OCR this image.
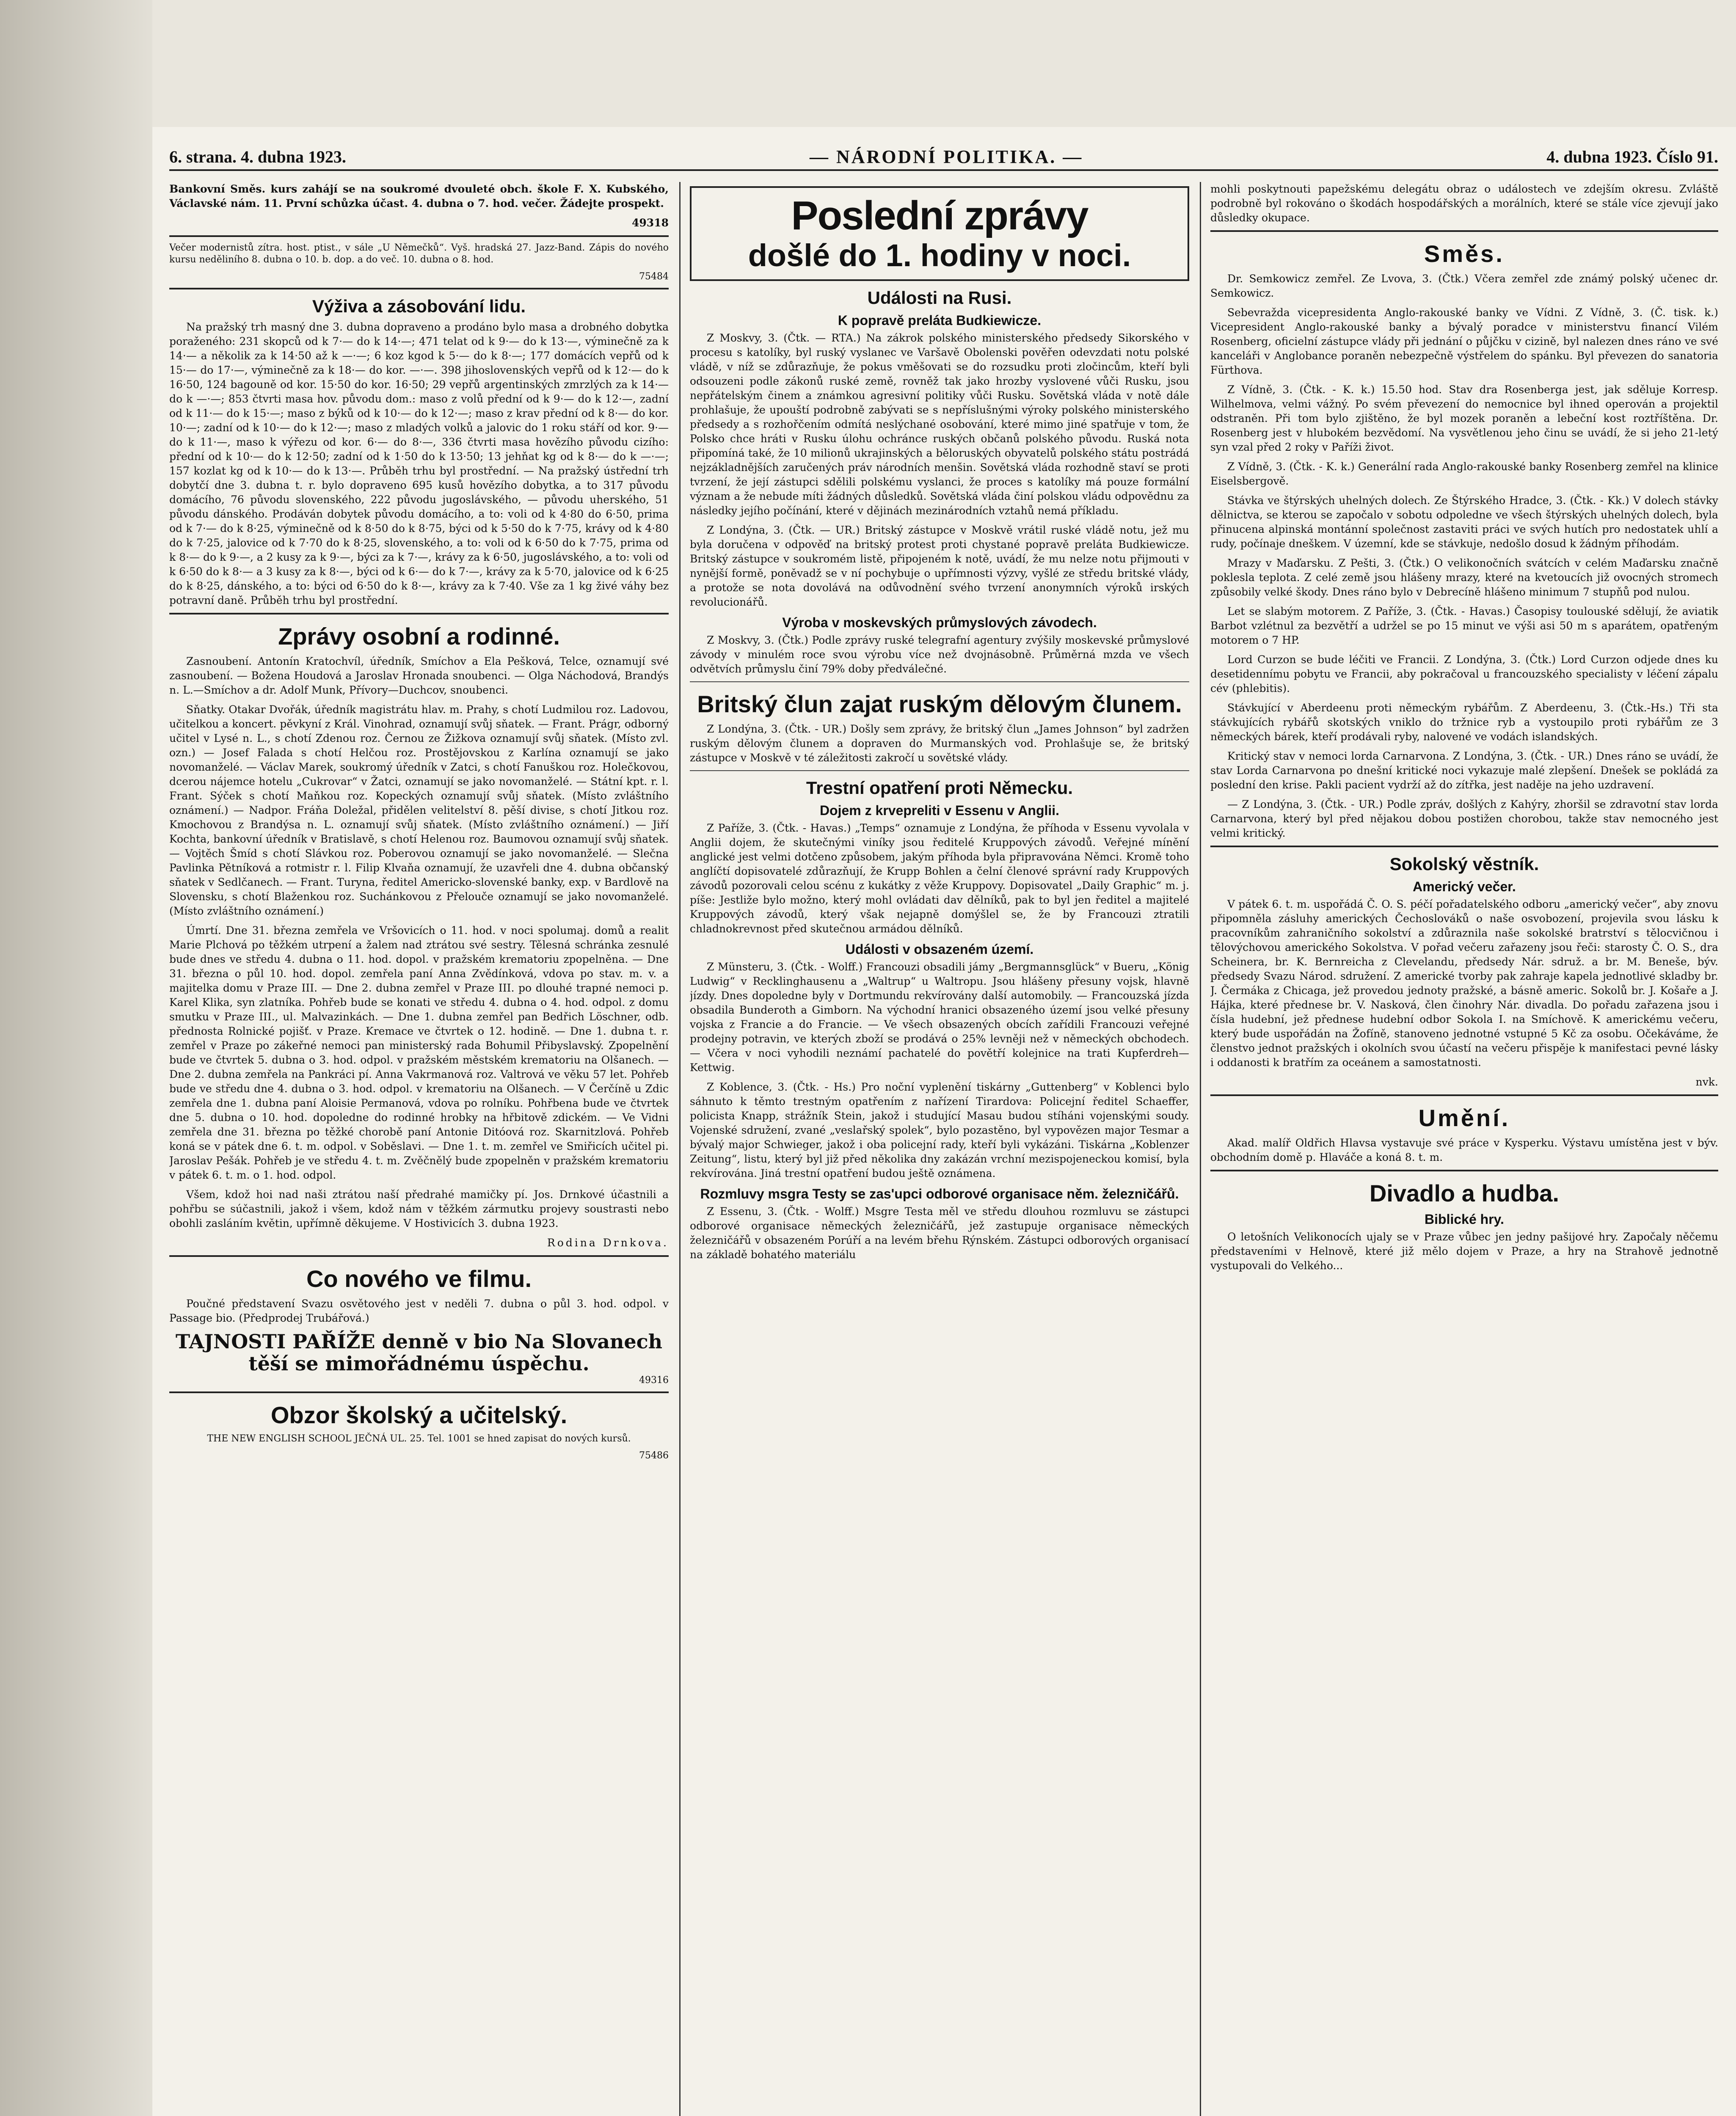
6. strana. 4. dubna 1923.	— NÁRODNÍ POLITIKA. —	4. dubna 1923. Číslo 91.

Bankovní Směs. kurs zahájí se na soukromé dvouleté obch. škole F. X. Kubského, Václavské nám. 11. První schůzka účast. 4. dubna o 7. hod. večer. Žádejte prospekt.

49318

Večer modernistů zítra. host. ptist., v sále „U Němečků“. Vyš. hradská 27. Jazz-Band. Zápis do nového kursu neděliního 8. dubna o 10. b. dop. a do več. 10. dubna o 8. hod.

75484
Výživa a zásobování lidu.

Na pražský trh masný dne 3. dubna dopraveno a prodáno bylo masa a drobného dobytka poraženého: 231 skopců od k 7·— do k 14·—; 471 telat od k 9·— do k 13·—, výminečně za k 14·— a několik za k 14·50 až k —·—; 6 koz kgod k 5·— do k 8·—; 177 domácích vepřů od k 15·— do 17·—, výminečně za k 18·— do kor. —·—. 398 jihoslovenských vepřů od k 12·— do k 16·50, 124 bagouně od kor. 15·50 do kor. 16·50; 29 vepřů argentinských zmrzlých za k 14·— do k —·—; 853 čtvrti masa hov. původu dom.: maso z volů přední od k 9·— do k 12·—, zadní od k 11·— do k 15·—; maso z býků od k 10·— do k 12·—; maso z krav přední od k 8·— do kor. 10·—; zadní od k 10·— do k 12·—; maso z mladých volků a jalovic do 1 roku stáří od kor. 9·— do k 11·—, maso k výřezu od kor. 6·— do 8·—, 336 čtvrti masa hovězího původu cizího: přední od k 10·— do k 12·50; zadní od k 1·50 do k 13·50; 13 jehňat kg od k 8·— do k —·—; 157 kozlat kg od k 10·— do k 13·—. Průběh trhu byl prostřední. — Na pražský ústřední trh dobytčí dne 3. dubna t. r. bylo dopraveno 695 kusů hovězího dobytka, a to 317 původu domácího, 76 původu slovenského, 222 původu jugoslávského, — původu uherského, 51 původu dánského. Prodáván dobytek původu domácího, a to: voli od k 4·80 do 6·50, prima od k 7·— do k 8·25, výminečně od k 8·50 do k 8·75, býci od k 5·50 do k 7·75, krávy od k 4·80 do k 7·25, jalovice od k 7·70 do k 8·25, slovenského, a to: voli od k 6·50 do k 7·75, prima od k 8·— do k 9·—, a 2 kusy za k 9·—, býci za k 7·—, krávy za k 6·50, jugoslávského, a to: voli od k 6·50 do k 8·— a 3 kusy za k 8·—, býci od k 6·— do k 7·—, krávy za k 5·70, jalovice od k 6·25 do k 8·25, dánského, a to: býci od 6·50 do k 8·—, krávy za k 7·40. Vše za 1 kg živé váhy bez potravní daně. Průběh trhu byl prostřední.

Zprávy osobní a rodinné.

Zasnoubení. Antonín Kratochvíl, úředník, Smíchov a Ela Pešková, Telce, oznamují své zasnoubení. — Božena Houdová a Jaroslav Hronada snoubenci. — Olga Náchodová, Brandýs n. L.—Smíchov a dr. Adolf Munk, Přívory—Duchcov, snoubenci.

Sňatky. Otakar Dvořák, úředník magistrátu hlav. m. Prahy, s chotí Ludmilou roz. Ladovou, učitelkou a koncert. pěvkyní z Král. Vinohrad, oznamují svůj sňatek. — Frant. Prágr, odborný učitel v Lysé n. L., s chotí Zdenou roz. Černou ze Žižkova oznamují svůj sňatek. (Místo zvl. ozn.) — Josef Falada s chotí Helčou roz. Prostějovskou z Karlína oznamují se jako novomanželé. — Václav Marek, soukromý úředník v Zatci, s chotí Fanuškou roz. Holečkovou, dcerou nájemce hotelu „Cukrovar“ v Žatci, oznamují se jako novomanželé. — Státní kpt. r. l. Frant. Sýček s chotí Maňkou roz. Kopeckých oznamují svůj sňatek. (Místo zvláštního oznámení.) — Nadpor. Fráňa Doležal, přidělen velitelství 8. pěší divise, s chotí Jitkou roz. Kmochovou z Brandýsa n. L. oznamují svůj sňatek. (Místo zvláštního oznámení.) — Jiří Kochta, bankovní úředník v Bratislavě, s chotí Helenou roz. Baumovou oznamují svůj sňatek. — Vojtěch Šmíd s chotí Slávkou roz. Poberovou oznamují se jako novomanželé. — Slečna Pavlinka Pětníková a rotmistr r. l. Filip Klvaňa oznamují, že uzavřeli dne 4. dubna občanský sňatek v Sedlčanech. — Frant. Turyna, ředitel Americko-slovenské banky, exp. v Bardlově na Slovensku, s chotí Blaženkou roz. Suchánkovou z Přelouče oznamují se jako novomanželé. (Místo zvláštního oznámení.)

Úmrtí. Dne 31. března zemřela ve Vršovicích o 11. hod. v noci spolumaj. domů a realit Marie Plchová po těžkém utrpení a žalem nad ztrátou své sestry. Tělesná schránka zesnulé bude dnes ve středu 4. dubna o 11. hod. dopol. v pražském krematoriu zpopelněna. — Dne 31. března o půl 10. hod. dopol. zemřela paní Anna Zvědínková, vdova po stav. m. v. a majitelka domu v Praze III. — Dne 2. dubna zemřel v Praze III. po dlouhé trapné nemoci p. Karel Klika, syn zlatníka. Pohřeb bude se konati ve středu 4. dubna o 4. hod. odpol. z domu smutku v Praze III., ul. Malvazinkách. — Dne 1. dubna zemřel pan Bedřich Löschner, odb. přednosta Rolnické pojišť. v Praze. Kremace ve čtvrtek o 12. hodině. — Dne 1. dubna t. r. zemřel v Praze po zákeřné nemoci pan ministerský rada Bohumil Přibyslavský. Zpopelnění bude ve čtvrtek 5. dubna o 3. hod. odpol. v pražském městském krematoriu na Olšanech. — Dne 2. dubna zemřela na Pankráci pí. Anna Vakrmanová roz. Valtrová ve věku 57 let. Pohřeb bude ve středu dne 4. dubna o 3. hod. odpol. v krematoriu na Olšanech. — V Čerčíně u Zdic zemřela dne 1. dubna paní Aloisie Permanová, vdova po rolníku. Pohřbena bude ve čtvrtek dne 5. dubna o 10. hod. dopoledne do rodinné hrobky na hřbitově zdickém. — Ve Vidni zemřela dne 31. března po těžké chorobě paní Antonie Ditóová roz. Skarnitzlová. Pohřeb koná se v pátek dne 6. t. m. odpol. v Soběslavi. — Dne 1. t. m. zemřel ve Smiřicích učitel pi. Jaroslav Pešák. Pohřeb je ve středu 4. t. m. Zvěčnělý bude zpopelněn v pražském krematoriu v pátek 6. t. m. o 1. hod. odpol.

Všem, kdož hoi nad naši ztrátou naší předrahé mamičky pí. Jos. Drnkové účastnili a pohřbu se súčastnili, jakož i všem, kdož nám v těžkém zármutku projevy soustrasti nebo obohli zasláním květin, upřímně děkujeme. V Hostivicích 3. dubna 1923.

Rodina Drnkova.
Co nového ve filmu.

Poučné představení Svazu osvětového jest v neděli 7. dubna o půl 3. hod. odpol. v Passage bio. (Předprodej Trubářová.)

TAJNOSTI PAŘÍŽE denně v bio Na Slovanech těší se mimořádnému úspěchu.
49316
Obzor školský a učitelský.

THE NEW ENGLISH SCHOOL JEČNÁ UL. 25. Tel. 1001 se hned zapisat do nových kursů.

75486
Poslední zprávy
došlé do 1. hodiny v noci.
Události na Rusi.
K popravě preláta Budkiewicze.

Z Moskvy, 3. (Čtk. — RTA.) Na zákrok polského ministerského předsedy Sikorského v procesu s katolíky, byl ruský vyslanec ve Varšavě Obolenski pověřen odevzdati notu polské vládě, v níž se zdůrazňuje, že pokus vměšovati se do rozsudku proti zločincům, kteří byli odsouzeni podle zákonů ruské země, rovněž tak jako hrozby vyslovené vůči Rusku, jsou nepřátelským činem a známkou agresivní politiky vůči Rusku. Sovětská vláda v notě dále prohlašuje, že upouští podrobně zabývati se s nepříslušnými výroky polského ministerského předsedy a s rozhořčením odmítá neslýchané osobování, které mimo jiné spatřuje v tom, že Polsko chce hráti v Rusku úlohu ochránce ruských občanů polského původu. Ruská nota připomíná také, že 10 milionů ukrajinských a běloruských obyvatelů polského státu postrádá nejzákladnějších zaručených práv národních menšin. Sovětská vláda rozhodně staví se proti tvrzení, že její zástupci sdělili polskému vyslanci, že proces s katolíky má pouze formální význam a že nebude míti žádných důsledků. Sovětská vláda činí polskou vládu odpovědnu za následky jejího počínání, které v dějinách mezinárodních vztahů nemá příkladu.

Z Londýna, 3. (Čtk. — UR.) Britský zástupce v Moskvě vrátil ruské vládě notu, jež mu byla doručena v odpověď na britský protest proti chystané popravě preláta Budkiewicze. Britský zástupce v soukromém listě, připojeném k notě, uvádí, že mu nelze notu přijmouti v nynější formě, poněvadž se v ní pochybuje o upřímnosti výzvy, vyšlé ze středu britské vlády, a protože se nota dovolává na odůvodnění svého tvrzení anonymních výroků irských revolucionářů.

Výroba v moskevských průmyslových závodech.

Z Moskvy, 3. (Čtk.) Podle zprávy ruské telegrafní agentury zvýšily moskevské průmyslové závody v minulém roce svou výrobu více než dvojnásobně. Průměrná mzda ve všech odvětvích průmyslu činí 79% doby předválečné.

Britský člun zajat ruským dělovým člunem.

Z Londýna, 3. (Čtk. - UR.) Došly sem zprávy, že britský člun „James Johnson“ byl zadržen ruským dělovým člunem a dopraven do Murmanských vod. Prohlašuje se, že britský zástupce v Moskvě v té záležitosti zakročí u sovětské vlády.

Trestní opatření proti Německu.
Dojem z krvepreliti v Essenu v Anglii.

Z Paříže, 3. (Čtk. - Havas.) „Temps“ oznamuje z Londýna, že příhoda v Essenu vyvolala v Anglii dojem, že skutečnými viníky jsou ředitelé Kruppových závodů. Veřejné mínění anglické jest velmi dotčeno způsobem, jakým příhoda byla připravována Němci. Kromě toho anglíčtí dopisovatelé zdůrazňují, že Krupp Bohlen a čelní členové správní rady Kruppových závodů pozorovali celou scénu z kukátky z věže Kruppovy. Dopisovatel „Daily Graphic“ m. j. píše: Jestliže bylo možno, který mohl ovládati dav dělníků, pak to byl jen ředitel a majitelé Kruppových závodů, který však nejapně domýšlel se, že by Francouzi ztratili chladnokrevnost před skutečnou armádou dělníků.

Události v obsazeném území.

Z Münsteru, 3. (Čtk. - Wolff.) Francouzi obsadili jámy „Bergmannsglück“ v Bueru, „König Ludwig“ v Recklinghausenu a „Waltrup“ u Waltropu. Jsou hlášeny přesuny vojsk, hlavně jízdy. Dnes dopoledne byly v Dortmundu rekvírovány další automobily. — Francouzská jízda obsadila Bunderoth a Gimborn. Na východní hranici obsazeného území jsou velké přesuny vojska z Francie a do Francie. — Ve všech obsazených obcích zařídili Francouzi veřejné prodejny potravin, ve kterých zboží se prodává o 25% levněji než v německých obchodech. — Včera v noci vyhodili neznámí pachatelé do povětří kolejnice na trati Kupferdreh—Kettwig.

Z Koblence, 3. (Čtk. - Hs.) Pro noční vyplenění tiskárny „Guttenberg“ v Koblenci bylo sáhnuto k těmto trestným opatřením z nařízení Tirardova: Policejní ředitel Schaeffer, policista Knapp, strážník Stein, jakož i studující Masau budou stíháni vojenskými soudy. Vojenské sdružení, zvané „veslařský spolek“, bylo pozastěno, byl vypovězen major Tesmar a bývalý major Schwieger, jakož i oba policejní rady, kteří byli vykázáni. Tiskárna „Koblenzer Zeitung“, listu, který byl již před několika dny zakázán vrchní mezispojeneckou komisí, byla rekvírována. Jiná trestní opatření budou ještě oznámena.

Rozmluvy msgra Testy se zas'upci odborové organisace něm. železničářů.

Z Essenu, 3. (Čtk. - Wolff.) Msgre Testa měl ve středu dlouhou rozmluvu se zástupci odborové organisace německých železničářů, jež zastupuje organisace německých železničářů v obsazeném Porúří a na levém břehu Rýnském. Zástupci odborových organisací na základě bohatého materiálu

mohli poskytnouti papežskému delegátu obraz o událostech ve zdejším okresu. Zvláště podrobně byl rokováno o škodách hospodářských a morálních, které se stále více zjevují jako důsledky okupace.

Směs.

Dr. Semkowicz zemřel. Ze Lvova, 3. (Čtk.) Včera zemřel zde známý polský učenec dr. Semkowicz.

Sebevražda vicepresidenta Anglo-rakouské banky ve Vídni. Z Vídně, 3. (Č. tisk. k.) Vicepresident Anglo-rakouské banky a bývalý poradce v ministerstvu financí Vilém Rosenberg, oficielní zástupce vlády při jednání o půjčku v cizině, byl nalezen dnes ráno ve své kanceláři v Anglobance poraněn nebezpečně výstřelem do spánku. Byl převezen do sanatoria Fürthova.

Z Vídně, 3. (Čtk. - K. k.) 15.50 hod. Stav dra Rosenberga jest, jak sděluje Korresp. Wilhelmova, velmi vážný. Po svém převezení do nemocnice byl ihned operován a projektil odstraněn. Při tom bylo zjištěno, že byl mozek poraněn a lebeční kost roztříštěna. Dr. Rosenberg jest v hlubokém bezvědomí. Na vysvětlenou jeho činu se uvádí, že si jeho 21-letý syn vzal před 2 roky v Paříži život.

Z Vídně, 3. (Čtk. - K. k.) Generální rada Anglo-rakouské banky Rosenberg zemřel na klinice Eiselsbergově.

Stávka ve štýrských uhelných dolech. Ze Štýrského Hradce, 3. (Čtk. - Kk.) V dolech stávky dělnictva, se kterou se započalo v sobotu odpoledne ve všech štýrských uhelných dolech, byla přinucena alpinská montánní společnost zastaviti práci ve svých hutích pro nedostatek uhlí a rudy, počínaje dneškem. V územní, kde se stávkuje, nedošlo dosud k žádným příhodám.

Mrazy v Maďarsku. Z Pešti, 3. (Čtk.) O velikonočních svátcích v celém Maďarsku značně poklesla teplota. Z celé země jsou hlášeny mrazy, které na kvetoucích již ovocných stromech způsobily velké škody. Dnes ráno bylo v Debrecíně hlášeno minimum 7 stupňů pod nulou.

Let se slabým motorem. Z Paříže, 3. (Čtk. - Havas.) Časopisy toulouské sdělují, že aviatik Barbot vzlétnul za bezvětří a udržel se po 15 minut ve výši asi 50 m s aparátem, opatřeným motorem o 7 HP.

Lord Curzon se bude léčiti ve Francii. Z Londýna, 3. (Čtk.) Lord Curzon odjede dnes ku desetidennímu pobytu ve Francii, aby pokračoval u francouzského specialisty v léčení zápalu cév (phlebitis).

Stávkující v Aberdeenu proti německým rybářům. Z Aberdeenu, 3. (Čtk.-Hs.) Tři sta stávkujících rybářů skotských vniklo do tržnice ryb a vystoupilo proti rybářům ze 3 německých bárek, kteří prodávali ryby, nalovené ve vodách islandských.

Kritický stav v nemoci lorda Carnarvona. Z Londýna, 3. (Čtk. - UR.) Dnes ráno se uvádí, že stav Lorda Carnarvona po dnešní kritické noci vykazuje malé zlepšení. Dnešek se pokládá za poslední den krise. Pakli pacient vydrží až do zítřka, jest naděje na jeho uzdravení.

— Z Londýna, 3. (Čtk. - UR.) Podle zpráv, došlých z Kahýry, zhoršil se zdravotní stav lorda Carnarvona, který byl před nějakou dobou postižen chorobou, takže stav nemocného jest velmi kritický.

Sokolský věstník.
Americký večer.

V pátek 6. t. m. uspořádá Č. O. S. péčí pořadatelského odboru „americký večer“, aby znovu připomněla zásluhy amerických Čechoslováků o naše osvobození, projevila svou lásku k pracovníkům zahraničního sokolství a zdůraznila naše sokolské bratrství s tělocvičnou i tělovýchovou amerického Sokolstva. V pořad večeru zařazeny jsou řeči: starosty Č. O. S., dra Scheinera, br. K. Bernreicha z Clevelandu, předsedy Nár. sdruž. a br. M. Beneše, býv. předsedy Svazu Národ. sdružení. Z americké tvorby pak zahraje kapela jednotlivé skladby br. J. Čermáka z Chicaga, jež provedou jednoty pražské, a básně americ. Sokolů br. J. Košaře a J. Hájka, které přednese br. V. Nasková, člen činohry Nár. divadla. Do pořadu zařazena jsou i čísla hudební, jež přednese hudební odbor Sokola I. na Smíchově. K americkému večeru, který bude uspořádán na Žofíně, stanoveno jednotné vstupné 5 Kč za osobu. Očekáváme, že členstvo jednot pražských i okolních svou účastí na večeru přispěje k manifestaci pevné lásky i oddanosti k bratřím za oceánem a samostatnosti.

nvk.
Umění.

Akad. malíř Oldřich Hlavsa vystavuje své práce v Kysperku. Výstavu umístěna jest v býv. obchodním domě p. Hlaváče a koná 8. t. m.

Divadlo a hudba.
Biblické hry.

O letošních Velikonocích ujaly se v Praze vůbec jen jedny pašijové hry. Započaly něčemu představeními v Helnově, které již mělo dojem v Praze, a hry na Strahově jednotně vystupovali do Velkého...
